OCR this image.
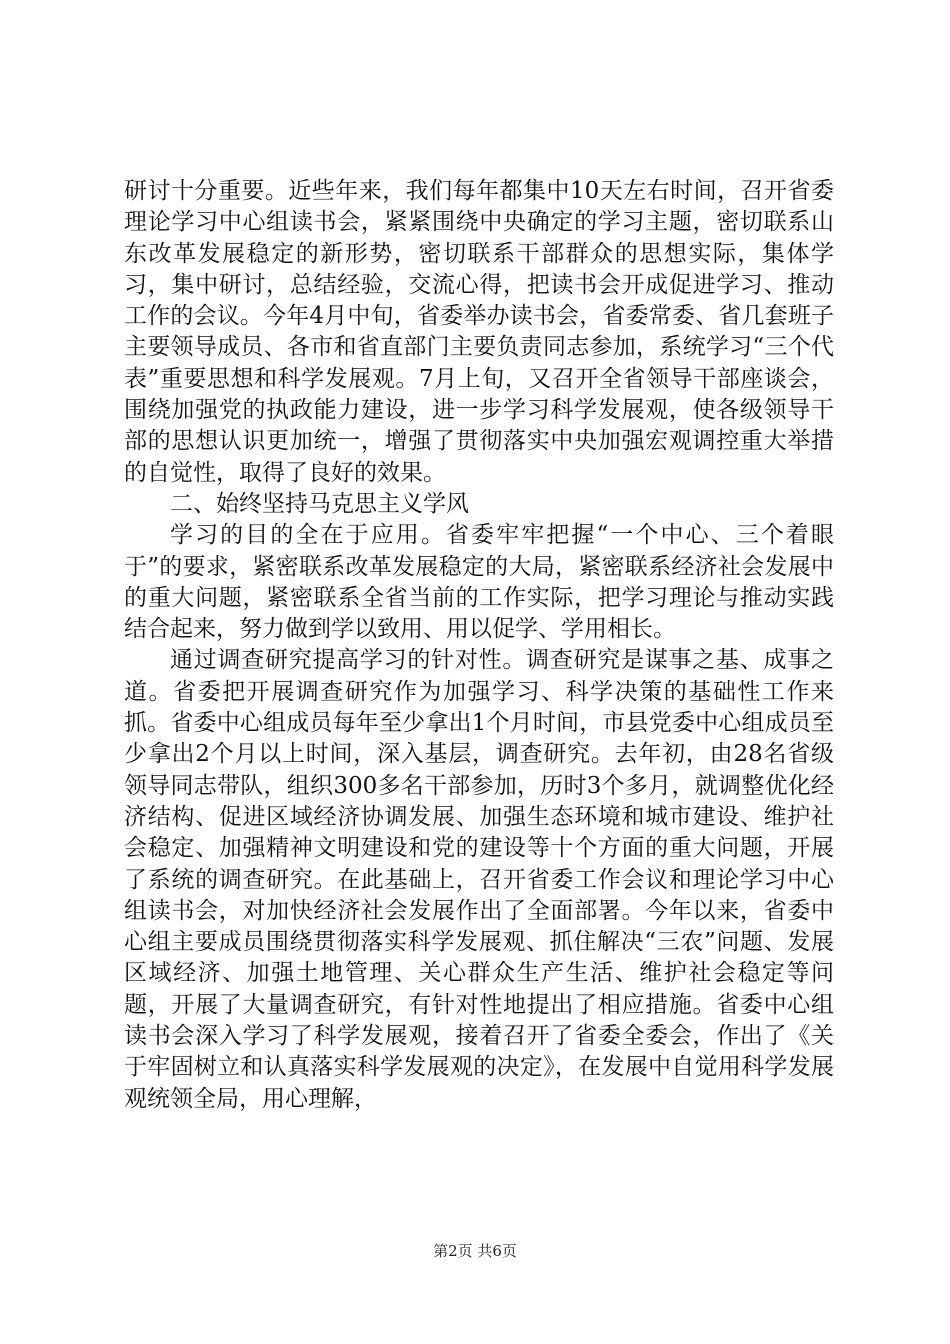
研讨十分重要。近些年来，我们每年都集中10天左右时间，召开省委理论学习中心组读书会，紧紧围绕中央确定的学习主题，密切联系山东改革发展稳定的新形势，密切联系干部群众的思想实际，集体学习，集中研讨，总结经验，交流心得，把读书会开成促进学习、推动工作的会议。今年4月中旬，省委举办读书会，省委常委、省几套班子主要领导成员、各市和省直部门主要负责同志参加，系统学习“三个代表”重要思想和科学发展观。7月上旬，又召开全省领导干部座谈会，围绕加强党的执政能力建设，进一步学习科学发展观，使各级领导干部的思想认识更加统一，增强了贯彻落实中央加强宏观调控重大举措的自觉性，取得了良好的效果。

二、始终坚持马克思主义学风

学习的目的全在于应用。省委牢牢把握“一个中心、三个着眼于”的要求，紧密联系改革发展稳定的大局，紧密联系经济社会发展中的重大问题，紧密联系全省当前的工作实际，把学习理论与推动实践结合起来，努力做到学以致用、用以促学、学用相长。

通过调查研究提高学习的针对性。调查研究是谋事之基、成事之道。省委把开展调查研究作为加强学习、科学决策的基础性工作来抓。省委中心组成员每年至少拿出1个月时间，市县党委中心组成员至少拿出2个月以上时间，深入基层，调查研究。去年初，由28名省级领导同志带队，组织300多名干部参加，历时3个多月，就调整优化经济结构、促进区域经济协调发展、加强生态环境和城市建设、维护社会稳定、加强精神文明建设和党的建设等十个方面的重大问题，开展了系统的调查研究。在此基础上，召开省委工作会议和理论学习中心组读书会，对加快经济社会发展作出了全面部署。今年以来，省委中心组主要成员围绕贯彻落实科学发展观、抓住解决“三农”问题、发展区域经济、加强土地管理、关心群众生产生活、维护社会稳定等问题，开展了大量调查研究，有针对性地提出了相应措施。省委中心组读书会深入学习了科学发展观，接着召开了省委全委会，作出了《关于牢固树立和认真落实科学发展观的决定》，在发展中自觉用科学发展观统领全局，用心理解，

第2页 共6页
